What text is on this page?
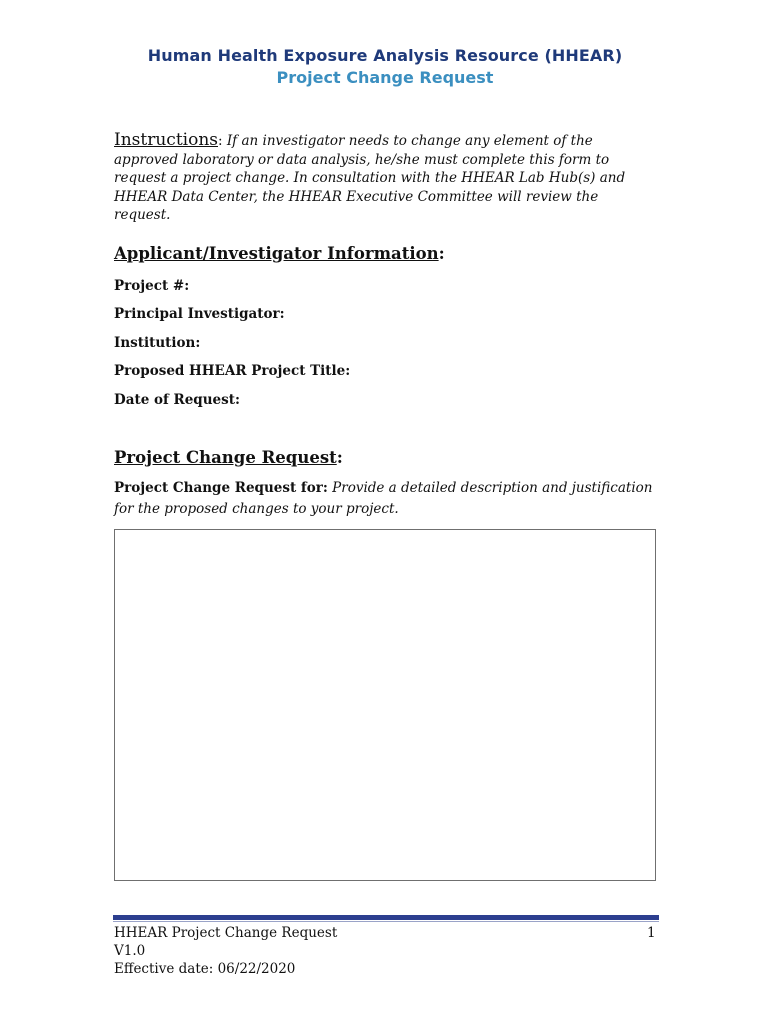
Human Health Exposure Analysis Resource (HHEAR)
Project Change Request
Instructions: If an investigator needs to change any element of the approved laboratory or data analysis, he/she must complete this form to request a project change. In consultation with the HHEAR Lab Hub(s) and HHEAR Data Center, the HHEAR Executive Committee will review the request.
Applicant/Investigator Information:
Project #:
Principal Investigator:
Institution:
Proposed HHEAR Project Title:
Date of Request:
Project Change Request:
Project Change Request for: Provide a detailed description and justification for the proposed changes to your project.
HHEAR Project Change Request
V1.0
Effective date: 06/22/2020
1
